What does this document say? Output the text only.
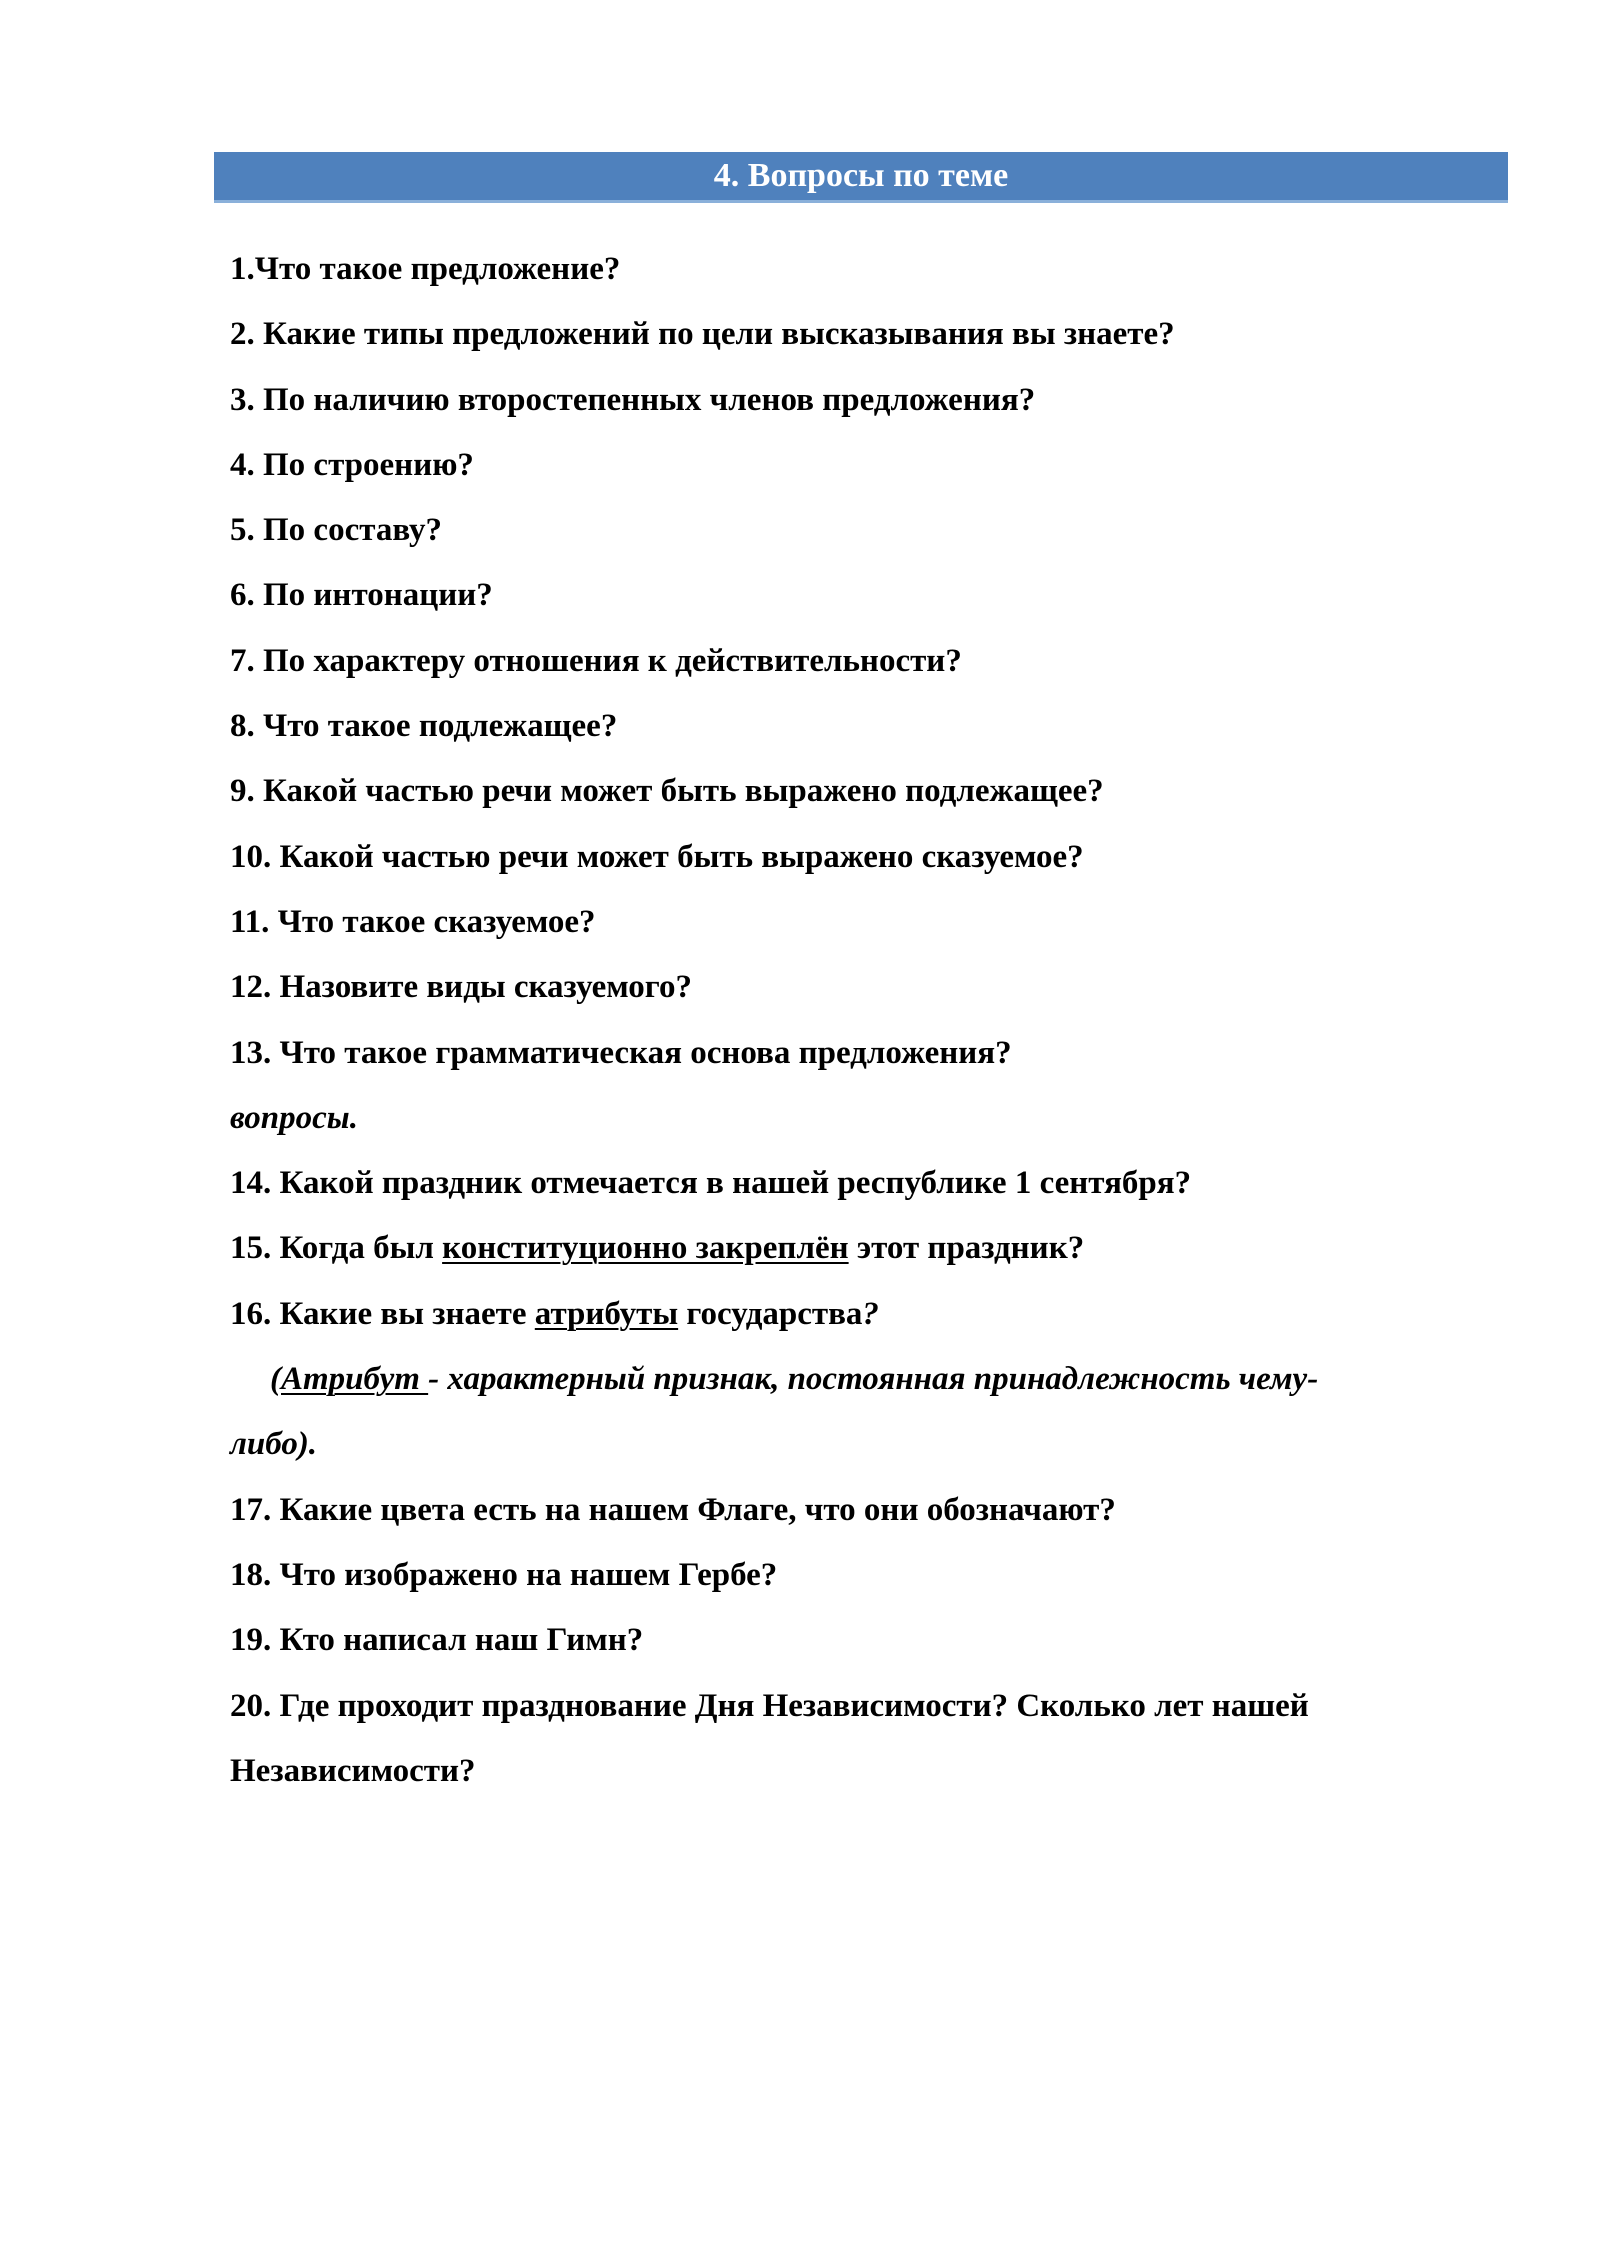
4. Вопросы по теме

1.Что такое предложение?

2. Какие типы предложений по цели высказывания вы знаете?

3. По наличию второстепенных членов предложения?

4. По строению?

5. По составу?

6. По интонации?

7. По характеру отношения к действительности?

8. Что такое подлежащее?

9. Какой частью речи может быть выражено подлежащее?

10. Какой частью речи может быть выражено сказуемое?

11. Что такое сказуемое?

12. Назовите виды сказуемого?

13. Что такое грамматическая основа предложения?

вопросы.

14. Какой праздник отмечается в нашей республике 1 сентября?

15. Когда был конституционно закреплён этот праздник?

16. Какие вы знаете атрибуты государства?

(Атрибут - характерный признак, постоянная принадлежность чему-

либо).

17. Какие цвета есть на нашем Флаге, что они обозначают?

18. Что изображено на нашем Гербе?

19. Кто написал наш Гимн?

20. Где проходит празднование Дня Независимости? Сколько лет нашей

Независимости?
